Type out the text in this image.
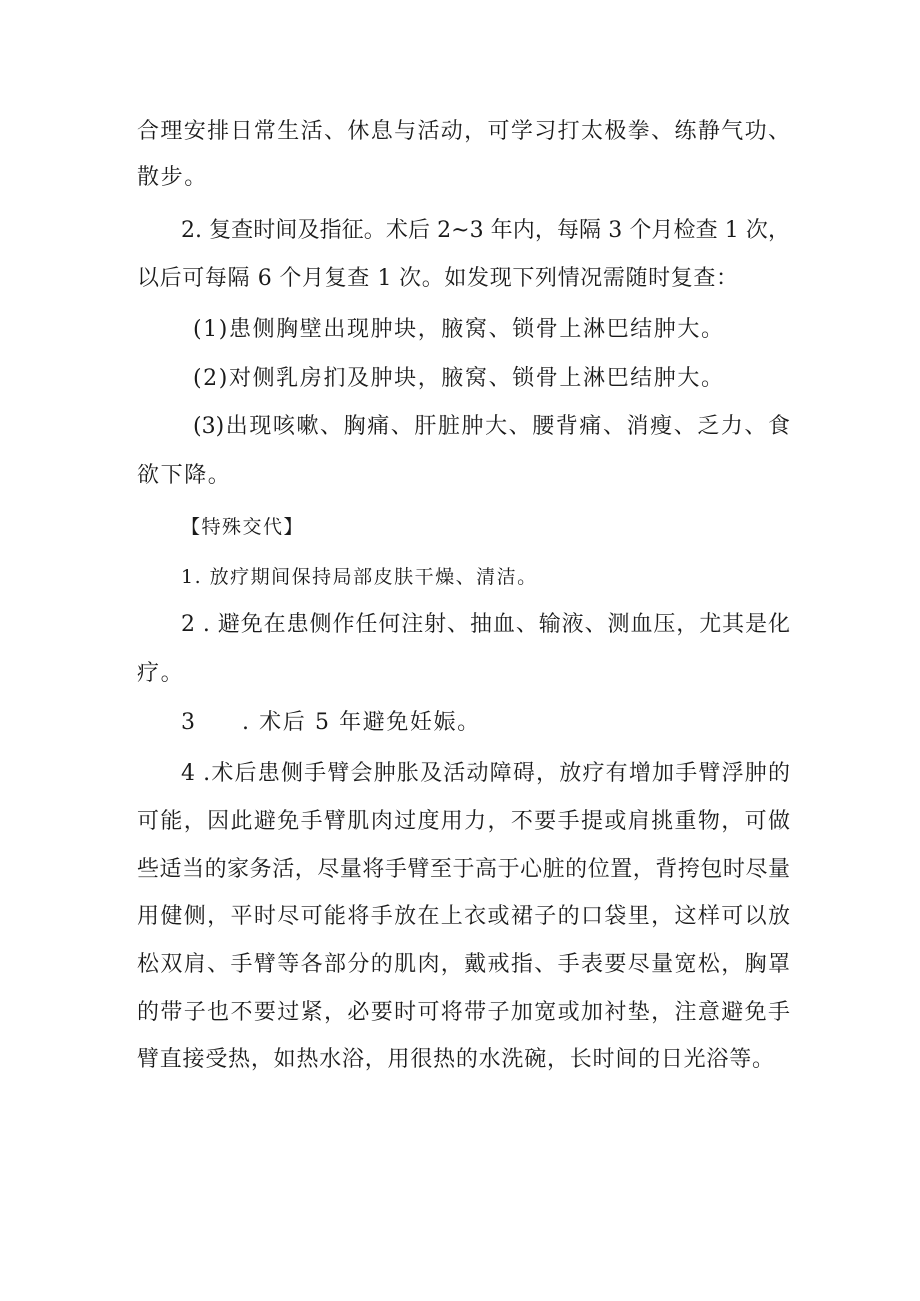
合理安排日常生活、休息与活动，可学习打太极拳、练静气功、
散步。
2. 复查时间及指征。术后 2~3 年内，每隔 3 个月检查 1 次，
以后可每隔 6 个月复查 1 次。如发现下列情况需随时复查：
(1)患侧胸壁出现肿块，腋窝、锁骨上淋巴结肿大。
(2)对侧乳房扪及肿块，腋窝、锁骨上淋巴结肿大。
(3)出现咳嗽、胸痛、肝脏肿大、腰背痛、消瘦、乏力、食
欲下降。
【特殊交代】
1. 放疗期间保持局部皮肤干燥、清洁。
2 . 避免在患侧作任何注射、抽血、输液、测血压，尤其是化
疗。
3 . 术后 5 年避免妊娠。
4 .术后患侧手臂会肿胀及活动障碍，放疗有增加手臂浮肿的
可能，因此避免手臂肌肉过度用力，不要手提或肩挑重物，可做
些适当的家务活，尽量将手臂至于高于心脏的位置，背挎包时尽量
用健侧，平时尽可能将手放在上衣或裙子的口袋里，这样可以放
松双肩、手臂等各部分的肌肉，戴戒指、手表要尽量宽松，胸罩
的带子也不要过紧，必要时可将带子加宽或加衬垫，注意避免手
臂直接受热，如热水浴，用很热的水洗碗，长时间的日光浴等。
